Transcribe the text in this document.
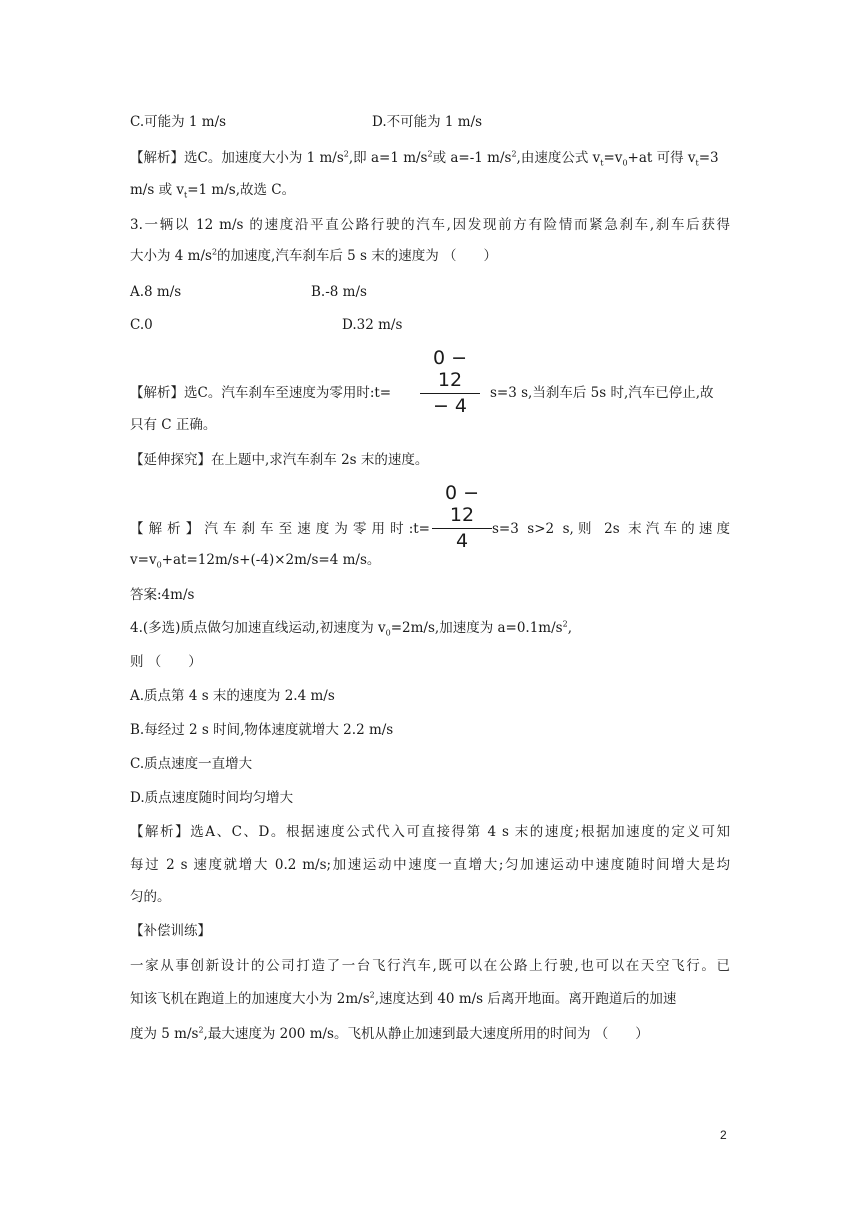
C.可能为 1 m/s	D.不可能为 1 m/s
【解析】选C。加速度大小为 1 $m/s^2$,即 a=1 $m/s^2$或 a=-1 $m/s^2$,由速度公式 $v_t=v_0+at$ 可得 $v_t=3$
m/s 或 $v_t=1$ m/s,故选 C。
3.一辆以 12 m/s 的速度沿平直公路行驶的汽车,因发现前方有险情而紧急刹车,刹车后获得
大小为 4 $m/s^2$的加速度,汽车刹车后 5 s 末的速度为 （　　）
A.8 m/s	B.-8 m/s
C.0	D.32 m/s
$\frac{0 - 12}{- 4}$
【解析】选C。汽车刹车至速度为零用时:t=	s=3 s,当刹车后 5s 时,汽车已停止,故
只有 C 正确。
【延伸探究】在上题中,求汽车刹车 2s 末的速度。
$\frac{0 - 12}{4}$
【解析】汽车刹车至速度为零用时:t=	s=3 s>2 s,则 2s 末汽车的速度
$v=v_0+at=12m/s+(-4)\times 2m/s=4$ m/s。
答案:4m/s
4.(多选)质点做匀加速直线运动,初速度为 $v_0=2m/s$,加速度为 $a=0.1m/s^2$,
则 （　　）
A.质点第 4 s 末的速度为 2.4 m/s
B.每经过 2 s 时间,物体速度就增大 2.2 m/s
C.质点速度一直增大
D.质点速度随时间均匀增大
【解析】选A、C、D。根据速度公式代入可直接得第 4 s 末的速度;根据加速度的定义可知
每过 2 s 速度就增大 0.2 m/s;加速运动中速度一直增大;匀加速运动中速度随时间增大是均
匀的。
【补偿训练】
一家从事创新设计的公司打造了一台飞行汽车,既可以在公路上行驶,也可以在天空飞行。已
知该飞机在跑道上的加速度大小为 $2m/s^2$,速度达到 40 m/s 后离开地面。离开跑道后的加速
度为 5 $m/s^2$,最大速度为 200 m/s。飞机从静止加速到最大速度所用的时间为 （　　）
2
